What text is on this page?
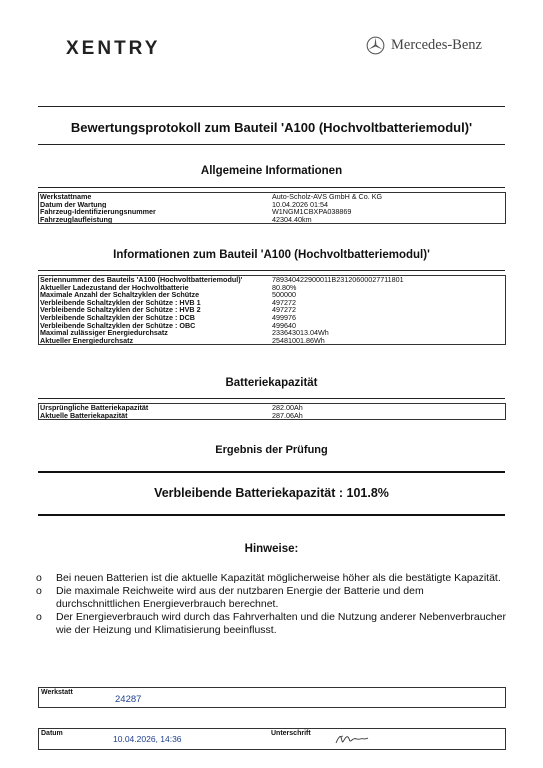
XENTRY	Mercedes-Benz
Bewertungsprotokoll zum Bauteil 'A100 (Hochvoltbatteriemodul)'
Allgemeine Informationen
Werkstattname	Auto-Scholz-AVS GmbH & Co. KG
Datum der Wartung	10.04.2026 01:54
Fahrzeug-Identifizierungsnummer	W1NGM1CBXPA038869
Fahrzeuglaufleistung	42304.40km
Informationen zum Bauteil 'A100 (Hochvoltbatteriemodul)'
Seriennummer des Bauteils 'A100 (Hochvoltbatteriemodul)'	789340422900011B23120600027711801
Aktueller Ladezustand der Hochvoltbatterie	80.80%
Maximale Anzahl der Schaltzyklen der Schütze	500000
Verbleibende Schaltzyklen der Schütze : HVB 1	497272
Verbleibende Schaltzyklen der Schütze : HVB 2	497272
Verbleibende Schaltzyklen der Schütze : DCB	499976
Verbleibende Schaltzyklen der Schütze : OBC	499640
Maximal zulässiger Energiedurchsatz	233643013.04Wh
Aktueller Energiedurchsatz	25481001.86Wh
Batteriekapazität
Ursprüngliche Batteriekapazität	282.00Ah
Aktuelle Batteriekapazität	287.06Ah
Ergebnis der Prüfung
Verbleibende Batteriekapazität : 101.8%
Hinweise:
o	Bei neuen Batterien ist die aktuelle Kapazität möglicherweise höher als die bestätigte Kapazität.
o	Die maximale Reichweite wird aus der nutzbaren Energie der Batterie und dem durchschnittlichen Energieverbrauch berechnet.
o	Der Energieverbrauch wird durch das Fahrverhalten und die Nutzung anderer Nebenverbraucher wie der Heizung und Klimatisierung beeinflusst.
Werkstatt
24287
Datum
10.04.2026, 14:36
Unterschrift
